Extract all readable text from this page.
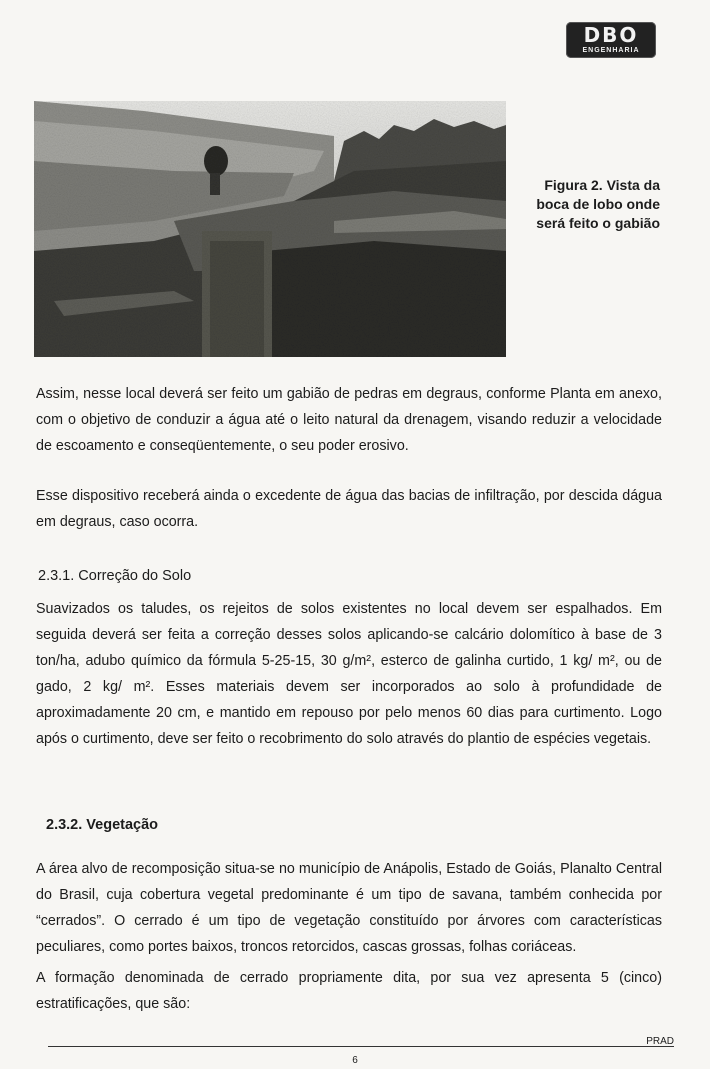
DBO
ENGENHARIA
Figura 2. Vista da boca de lobo onde será feito o gabião

Assim, nesse local deverá ser feito um gabião de pedras em degraus, conforme Planta em anexo, com o objetivo de conduzir a água até o leito natural da drenagem, visando reduzir a velocidade de escoamento e conseqüentemente, o seu poder erosivo.

Esse dispositivo receberá ainda o excedente de água das bacias de infiltração, por descida dágua em degraus, caso ocorra.

2.3.1. Correção do Solo

Suavizados os taludes, os rejeitos de solos existentes no local devem ser espalhados. Em seguida deverá ser feita a correção desses solos aplicando-se calcário dolomítico à base de 3 ton/ha, adubo químico da fórmula 5-25-15, 30 g/m², esterco de galinha curtido, 1 kg/ m², ou de gado, 2 kg/ m². Esses materiais devem ser incorporados ao solo à profundidade de aproximadamente 20 cm, e mantido em repouso por pelo menos 60 dias para curtimento. Logo após o curtimento, deve ser feito o recobrimento do solo através do plantio de espécies vegetais.

2.3.2. Vegetação

A área alvo de recomposição situa-se no município de Anápolis, Estado de Goiás, Planalto Central do Brasil, cuja cobertura vegetal predominante é um tipo de savana, também conhecida por “cerrados”. O cerrado é um tipo de vegetação constituído por árvores com características peculiares, como portes baixos, troncos retorcidos, cascas grossas, folhas coriáceas.

A formação denominada de cerrado propriamente dita, por sua vez apresenta 5 (cinco) estratificações, que são:

PRAD
6
